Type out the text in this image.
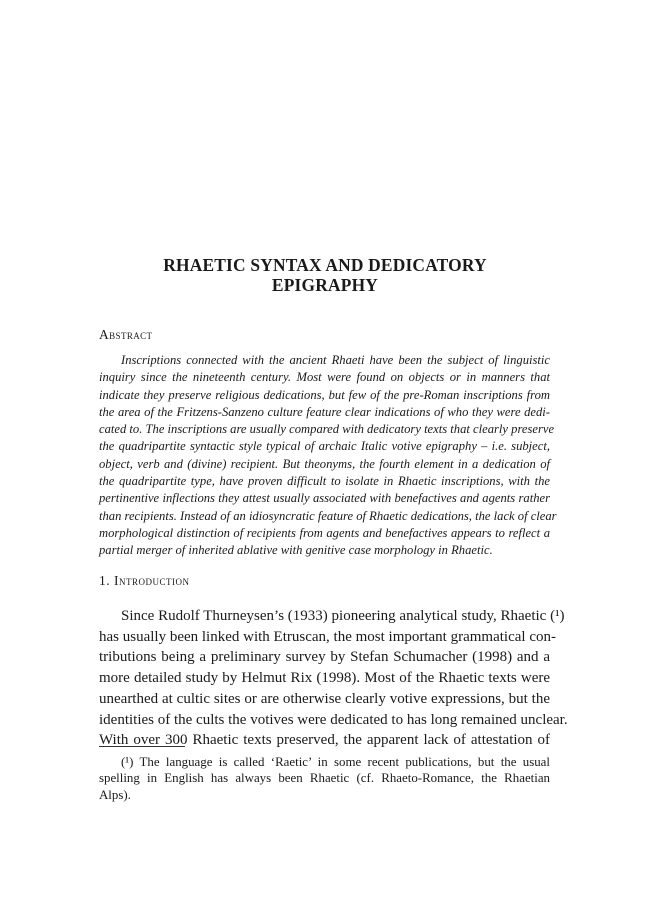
RHAETIC SYNTAX AND DEDICATORY
EPIGRAPHY
Abstract
Inscriptions connected with the ancient Rhaeti have been the subject of linguistic
inquiry since the nineteenth century. Most were found on objects or in manners that
indicate they preserve religious dedications, but few of the pre-Roman inscriptions from
the area of the Fritzens-Sanzeno culture feature clear indications of who they were dedi-
cated to. The inscriptions are usually compared with dedicatory texts that clearly preserve
the quadripartite syntactic style typical of archaic Italic votive epigraphy – i.e. subject,
object, verb and (divine) recipient. But theonyms, the fourth element in a dedication of
the quadripartite type, have proven difficult to isolate in Rhaetic inscriptions, with the
pertinentive inflections they attest usually associated with benefactives and agents rather
than recipients. Instead of an idiosyncratic feature of Rhaetic dedications, the lack of clear
morphological distinction of recipients from agents and benefactives appears to reflect a
partial merger of inherited ablative with genitive case morphology in Rhaetic.
1. Introduction
Since Rudolf Thurneysen’s (1933) pioneering analytical study, Rhaetic (¹)
has usually been linked with Etruscan, the most important grammatical con-
tributions being a preliminary survey by Stefan Schumacher (1998) and a
more detailed study by Helmut Rix (1998). Most of the Rhaetic texts were
unearthed at cultic sites or are otherwise clearly votive expressions, but the
identities of the cults the votives were dedicated to has long remained unclear.
With over 300 Rhaetic texts preserved, the apparent lack of attestation of
(¹) The language is called ‘Raetic’ in some recent publications, but the usual
spelling in English has always been Rhaetic (cf. Rhaeto-Romance, the Rhaetian
Alps).
